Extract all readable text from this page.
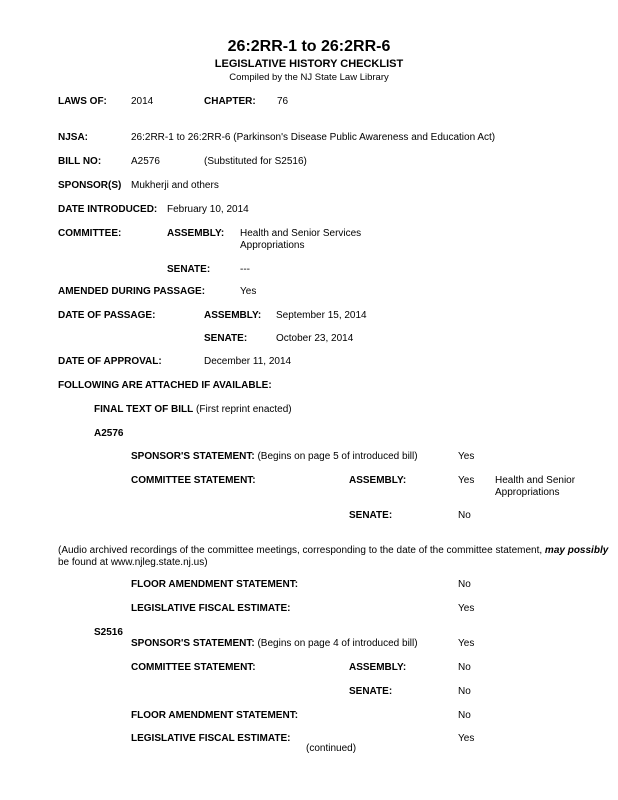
26:2RR-1 to 26:2RR-6
LEGISLATIVE HISTORY CHECKLIST
Compiled by the NJ State Law Library
LAWS OF: 2014	CHAPTER: 76
NJSA:	26:2RR-1 to 26:2RR-6 (Parkinson's Disease Public Awareness and Education Act)
BILL NO:	A2576	(Substituted for S2516)
SPONSOR(S) Mukherji and others
DATE INTRODUCED: February 10, 2014
COMMITTEE:	ASSEMBLY: Health and Senior Services
Appropriations
SENATE:	---
AMENDED DURING PASSAGE:	Yes
DATE OF PASSAGE:	ASSEMBLY: September 15, 2014
SENATE:	October 23, 2014
DATE OF APPROVAL:	December 11, 2014
FOLLOWING ARE ATTACHED IF AVAILABLE:
FINAL TEXT OF BILL (First reprint enacted)
A2576
SPONSOR'S STATEMENT: (Begins on page 5 of introduced bill)	Yes
COMMITTEE STATEMENT:	ASSEMBLY:	Yes Health and Senior
Appropriations
SENATE:	No
(Audio archived recordings of the committee meetings, corresponding to the date of the committee statement, may possibly
be found at www.njleg.state.nj.us)
FLOOR AMENDMENT STATEMENT:	No
LEGISLATIVE FISCAL ESTIMATE:	Yes
S2516
SPONSOR'S STATEMENT: (Begins on page 4 of introduced bill)	Yes
COMMITTEE STATEMENT:	ASSEMBLY:	No
SENATE:	No
FLOOR AMENDMENT STATEMENT:	No
LEGISLATIVE FISCAL ESTIMATE:	Yes
(continued)
